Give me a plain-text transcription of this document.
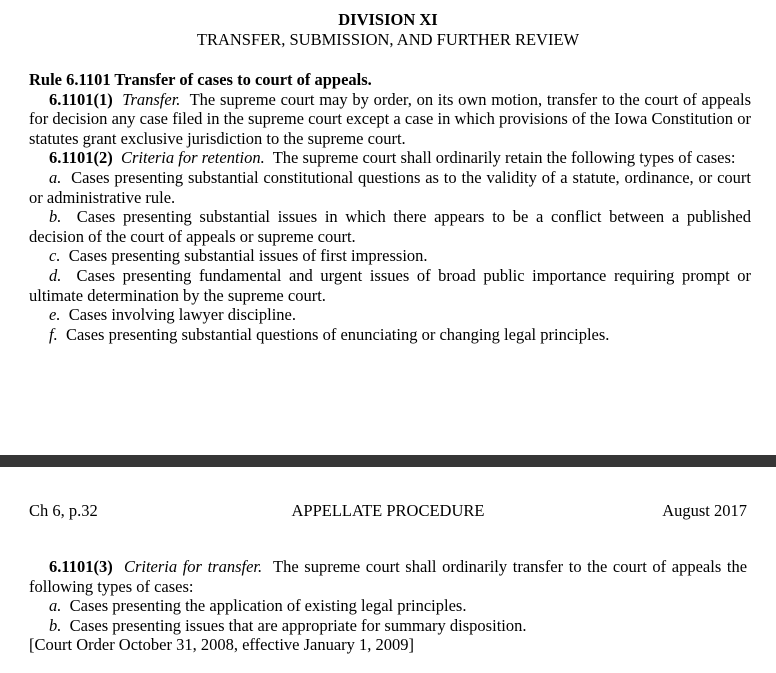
DIVISION XI
TRANSFER, SUBMISSION, AND FURTHER REVIEW

Rule 6.1101 Transfer of cases to court of appeals.

6.1101(1) Transfer. The supreme court may by order, on its own motion, transfer to the court of appeals for decision any case filed in the supreme court except a case in which provisions of the Iowa Constitution or statutes grant exclusive jurisdiction to the supreme court.

6.1101(2) Criteria for retention. The supreme court shall ordinarily retain the following types of cases:

a. Cases presenting substantial constitutional questions as to the validity of a statute, ordinance, or court or administrative rule.

b. Cases presenting substantial issues in which there appears to be a conflict between a published decision of the court of appeals or supreme court.

c. Cases presenting substantial issues of first impression.

d. Cases presenting fundamental and urgent issues of broad public importance requiring prompt or ultimate determination by the supreme court.

e. Cases involving lawyer discipline.

f. Cases presenting substantial questions of enunciating or changing legal principles.

APPELLATE PROCEDURE
Ch 6, p.32	August 2017

6.1101(3) Criteria for transfer. The supreme court shall ordinarily transfer to the court of appeals the following types of cases:

a. Cases presenting the application of existing legal principles.

b. Cases presenting issues that are appropriate for summary disposition.

[Court Order October 31, 2008, effective January 1, 2009]
